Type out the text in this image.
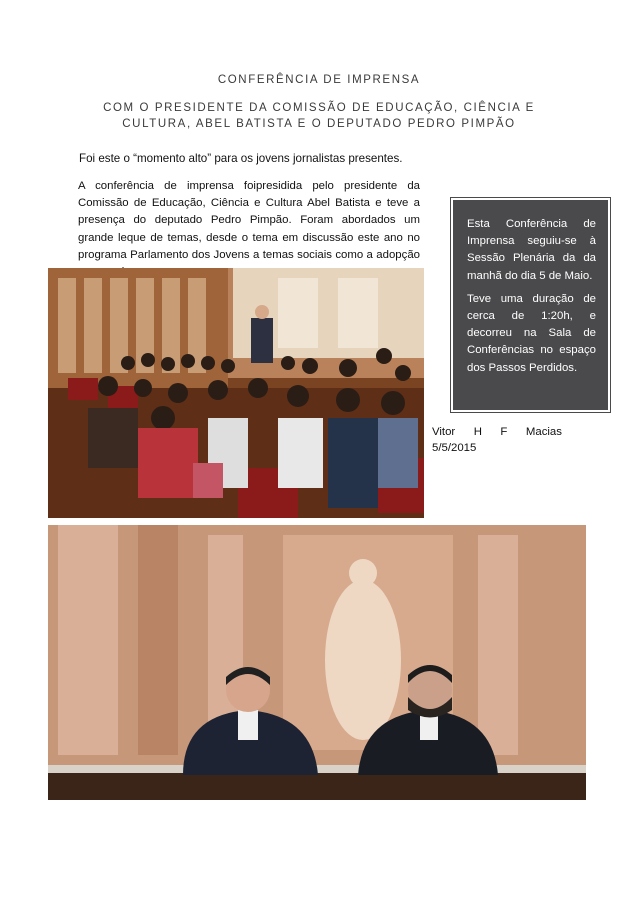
CONFERÊNCIA DE IMPRENSA
COM O PRESIDENTE DA COMISSÃO DE EDUCAÇÃO, CIÊNCIA E CULTURA, ABEL BATISTA E O DEPUTADO PEDRO PIMPÃO
Foi este o “momento alto” para os jovens jornalistas presentes.
A conferência de imprensa foipresidida pelo presidente da Comissão de Educação, Ciência e Cultura Abel Batista e teve a presença do deputado Pedro Pimpão. Foram abordados um grande leque de temas, desde o tema em discussão este ano no programa Parlamento dos Jovens a temas sociais como a adopção

Esta Conferência de Imprensa seguiu-se à Sessão Plenária da da manhã do dia 5 de Maio.

Teve uma duração de cerca de 1:20h, e decorreu na Sala de Conferências no espaço dos Passos Perdidos.

Vitor H F Macias
5/5/2015
